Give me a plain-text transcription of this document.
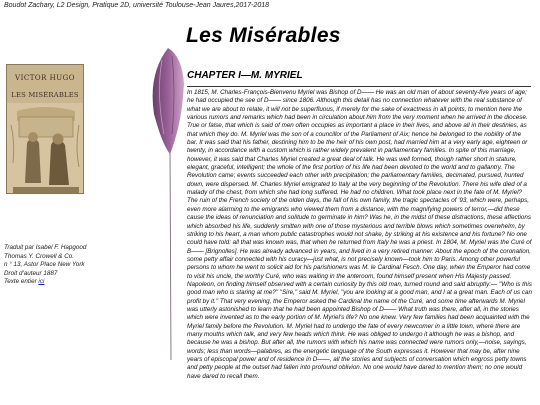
Boudot Zachary, L2 Design, Pratique 2D, université Toulouse-Jean Jaures,2017-2018
Les Misérables
VICTOR HUGO
LES MISÉRABLES
CHAPTER I—M. MYRIEL
Traduit par Isabel F. Hapgood
Thomas Y. Crowell & Co.
n ° 13, Astor Place New York
Droit d'auteur 1887
Texte entier ici

In 1815, M. Charles-François-Bienvenu Myriel was Bishop of D—— He was an old man of about seventy-five years of age; he had occupied the see of D—— since 1806. Although this detail has no connection whatever with the real substance of what we are about to relate, it will not be superfluous, if merely for the sake of exactness in all points, to mention here the various rumors and remarks which had been in circulation about him from the very moment when he arrived in the diocese. True or false, that which is said of men often occupies as important a place in their lives, and above all in their destinies, as that which they do. M. Myriel was the son of a councillor of the Parliament of Aix; hence he belonged to the nobility of the bar. It was said that his father, destining him to be the heir of his own post, had married him at a very early age, eighteen or twenty, in accordance with a custom which is rather widely prevalent in parliamentary families. In spite of this marriage, however, it was said that Charles Myriel created a great deal of talk. He was well formed, though rather short in stature, elegant, graceful, intelligent; the whole of the first portion of his life had been devoted to the world and to gallantry. The Revolution came; events succeeded each other with precipitation; the parliamentary families, decimated, pursued, hunted down, were dispersed. M. Charles Myriel emigrated to Italy at the very beginning of the Revolution. There his wife died of a malady of the chest, from which she had long suffered. He had no children. What took place next in the fate of M. Myriel? The ruin of the French society of the olden days, the fall of his own family, the tragic spectacles of '93, which were, perhaps, even more alarming to the emigrants who viewed them from a distance, with the magnifying powers of terror,—did these cause the ideas of renunciation and solitude to germinate in him? Was he, in the midst of these distractions, these affections which absorbed his life, suddenly smitten with one of those mysterious and terrible blows which sometimes overwhelm, by striking to his heart, a man whom public catastrophes would not shake, by striking at his existence and his fortune? No one could have told: all that was known was, that when he returned from Italy he was a priest. In 1804, M. Myriel was the Curé of B—— [Brignolles]. He was already advanced in years, and lived in a very retired manner. About the epoch of the coronation, some petty affair connected with his curacy—just what, is not precisely known—took him to Paris. Among other powerful persons to whom he went to solicit aid for his parishioners was M. le Cardinal Fesch. One day, when the Emperor had come to visit his uncle, the worthy Curé, who was waiting in the anteroom, found himself present when His Majesty passed. Napoleon, on finding himself observed with a certain curiosity by this old man, turned round and said abruptly:— "Who is this good man who is staring at me?" "Sire," said M. Myriel, "you are looking at a good man, and I at a great man. Each of us can profit by it." That very evening, the Emperor asked the Cardinal the name of the Curé, and some time afterwards M. Myriel was utterly astonished to learn that he had been appointed Bishop of D—— What truth was there, after all, in the stories which were invented as to the early portion of M. Myriel's life? No one knew. Very few families had been acquainted with the Myriel family before the Revolution. M. Myriel had to undergo the fate of every newcomer in a little town, where there are many mouths which talk, and very few heads which think. He was obliged to undergo it although he was a bishop, and because he was a bishop. But after all, the rumors with which his name was connected were rumors only,—noise, sayings, words; less than words—palabres, as the energetic language of the South expresses it. However that may be, after nine years of episcopal power and of residence in D——, all the stories and subjects of conversation which engross petty towns and petty people at the outset had fallen into profound oblivion. No one would have dared to mention them; no one would have dared to recall them.
